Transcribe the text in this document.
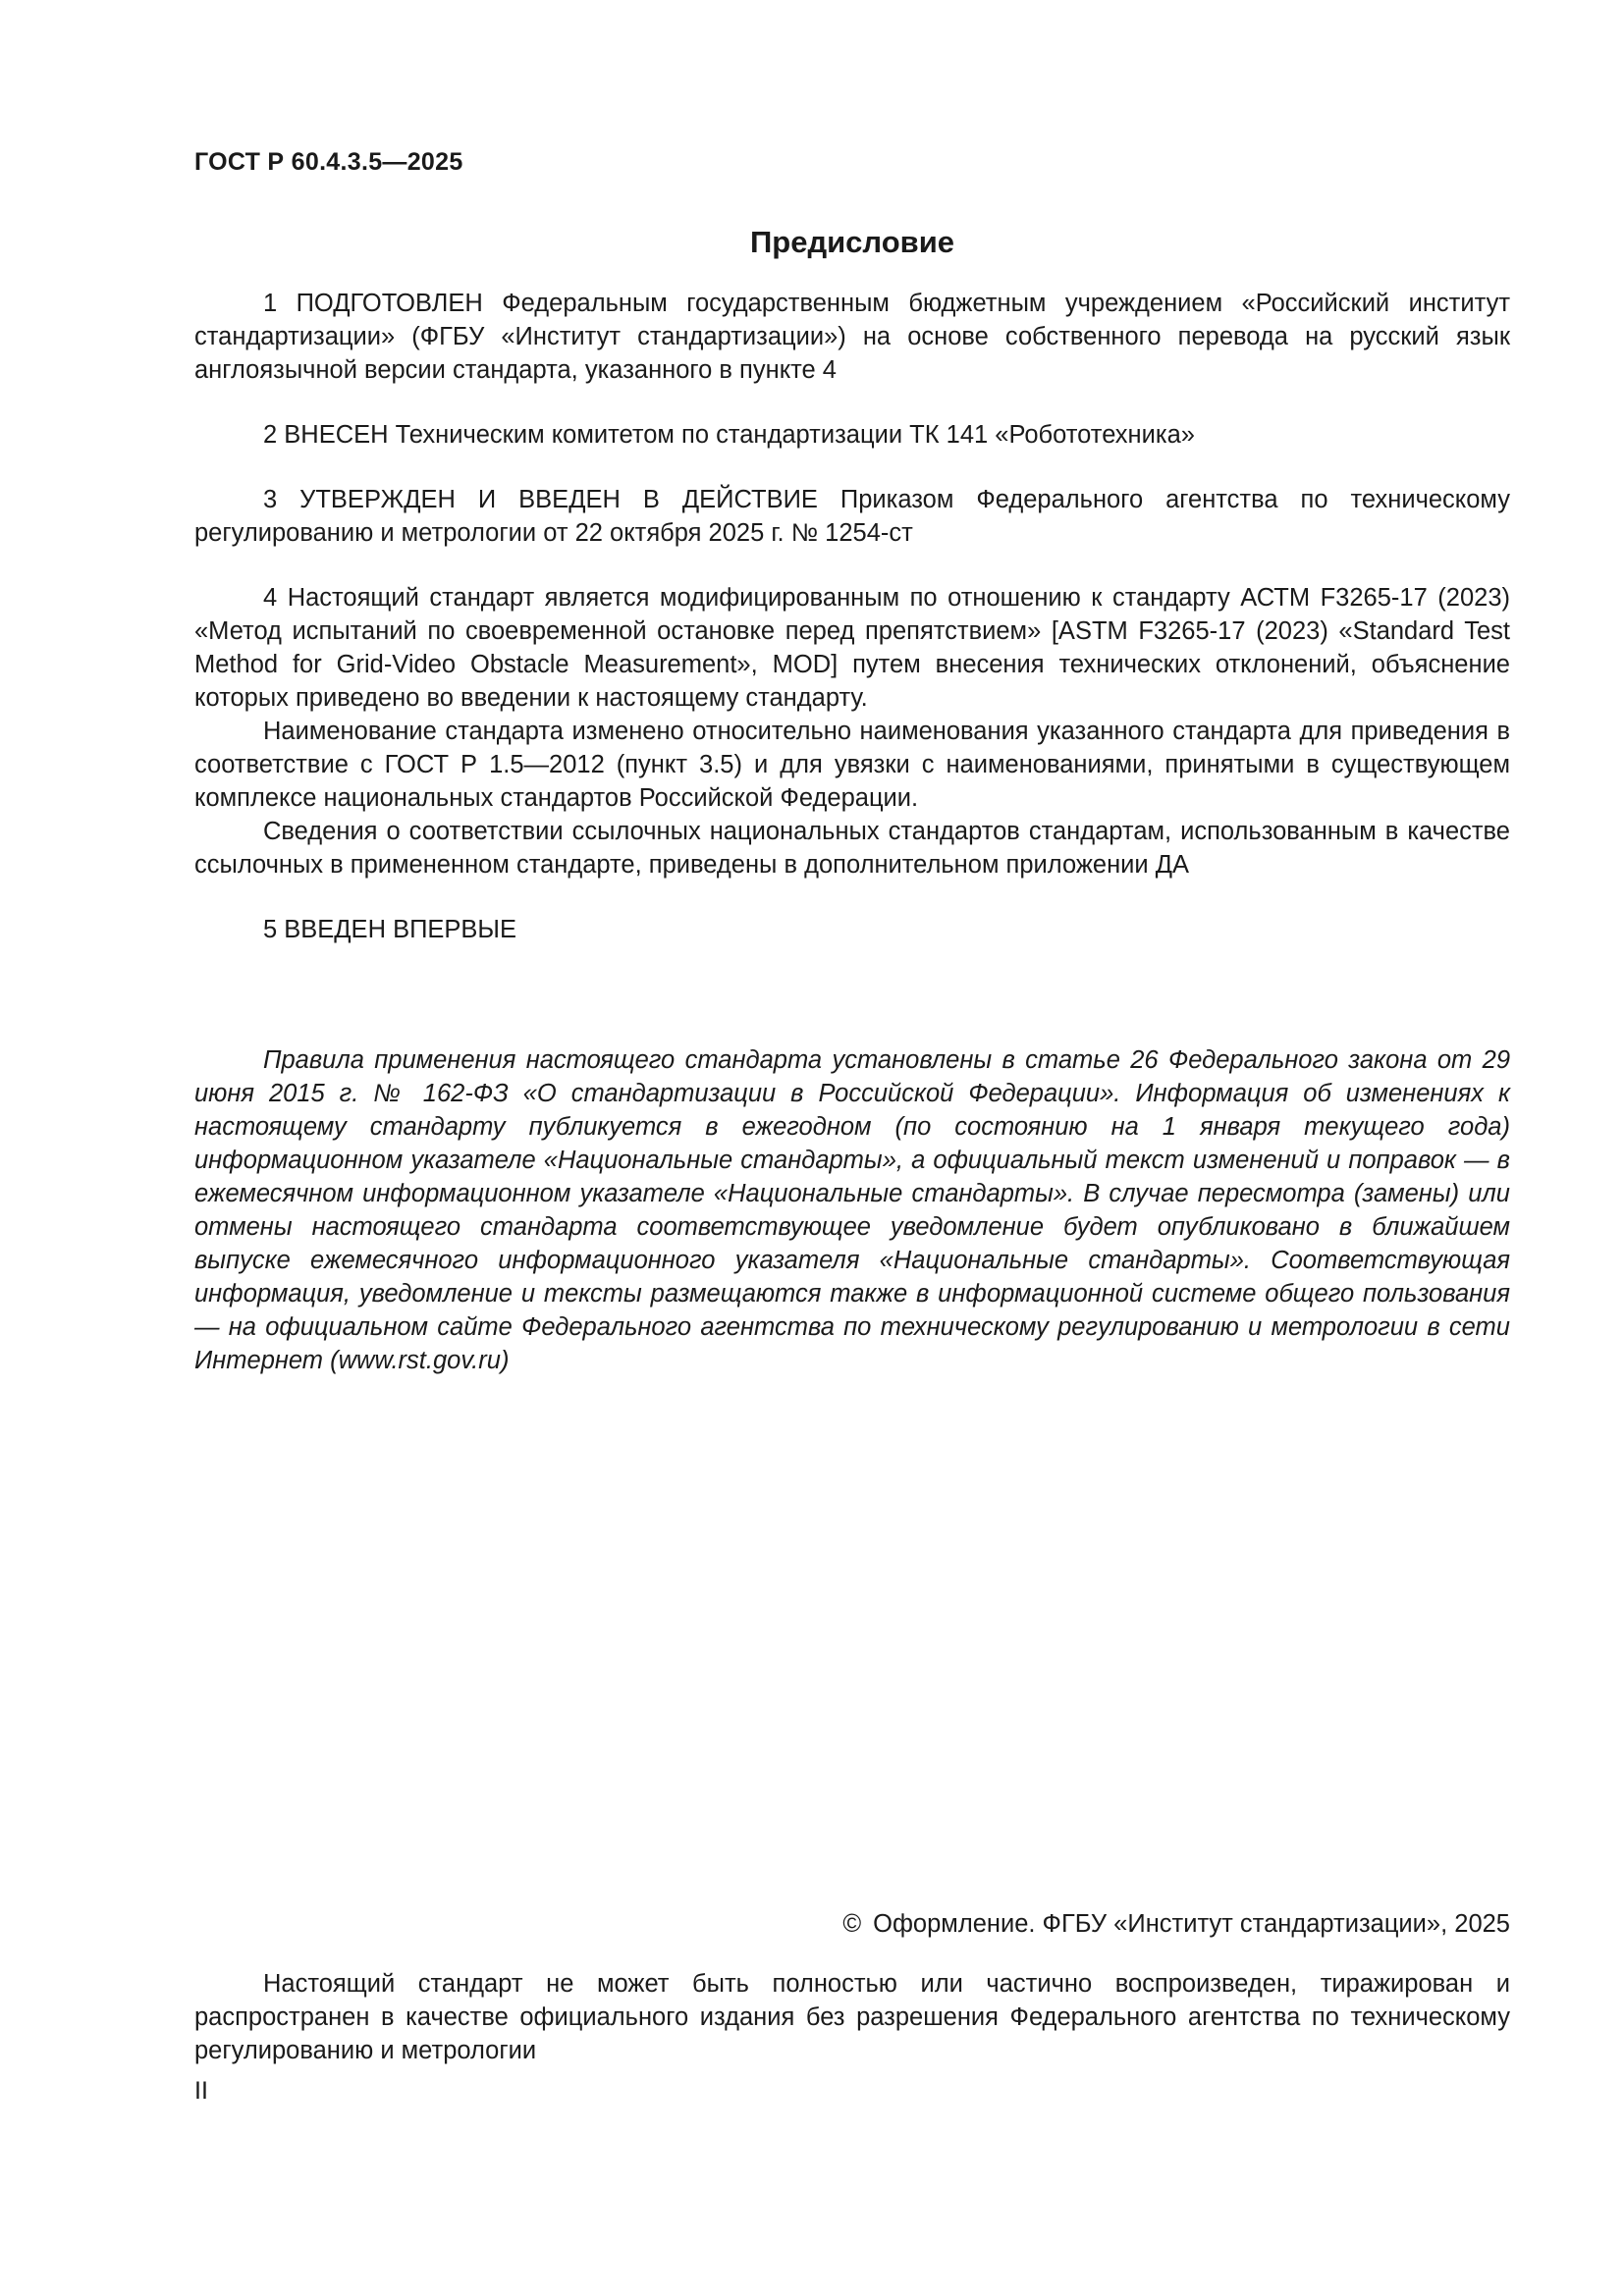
ГОСТ Р 60.4.3.5—2025
Предисловие

1 ПОДГОТОВЛЕН Федеральным государственным бюджетным учреждением «Российский институт стандартизации» (ФГБУ «Институт стандартизации») на основе собственного перевода на русский язык англоязычной версии стандарта, указанного в пункте 4

2 ВНЕСЕН Техническим комитетом по стандартизации ТК 141 «Робототехника»

3 УТВЕРЖДЕН И ВВЕДЕН В ДЕЙСТВИЕ Приказом Федерального агентства по техническому регулированию и метрологии от 22 октября 2025 г. № 1254-ст

4 Настоящий стандарт является модифицированным по отношению к стандарту АСТМ F3265-17 (2023) «Метод испытаний по своевременной остановке перед препятствием» [ASTM F3265-17 (2023) «Standard Test Method for Grid-Video Obstacle Measurement», MOD] путем внесения технических отклонений, объяснение которых приведено во введении к настоящему стандарту.

Наименование стандарта изменено относительно наименования указанного стандарта для приведения в соответствие с ГОСТ Р 1.5—2012 (пункт 3.5) и для увязки с наименованиями, принятыми в существующем комплексе национальных стандартов Российской Федерации.

Сведения о соответствии ссылочных национальных стандартов стандартам, использованным в качестве ссылочных в примененном стандарте, приведены в дополнительном приложении ДА

5 ВВЕДЕН ВПЕРВЫЕ

Правила применения настоящего стандарта установлены в статье 26 Федерального закона от 29 июня 2015 г. № 162-ФЗ «О стандартизации в Российской Федерации». Информация об изменениях к настоящему стандарту публикуется в ежегодном (по состоянию на 1 января текущего года) информационном указателе «Национальные стандарты», а официальный текст изменений и поправок — в ежемесячном информационном указателе «Национальные стандарты». В случае пересмотра (замены) или отмены настоящего стандарта соответствующее уведомление будет опубликовано в ближайшем выпуске ежемесячного информационного указателя «Национальные стандарты». Соответствующая информация, уведомление и тексты размещаются также в информационной системе общего пользования — на официальном сайте Федерального агентства по техническому регулированию и метрологии в сети Интернет (www.rst.gov.ru)

© Оформление. ФГБУ «Институт стандартизации», 2025

Настоящий стандарт не может быть полностью или частично воспроизведен, тиражирован и распространен в качестве официального издания без разрешения Федерального агентства по техническому регулированию и метрологии

II
